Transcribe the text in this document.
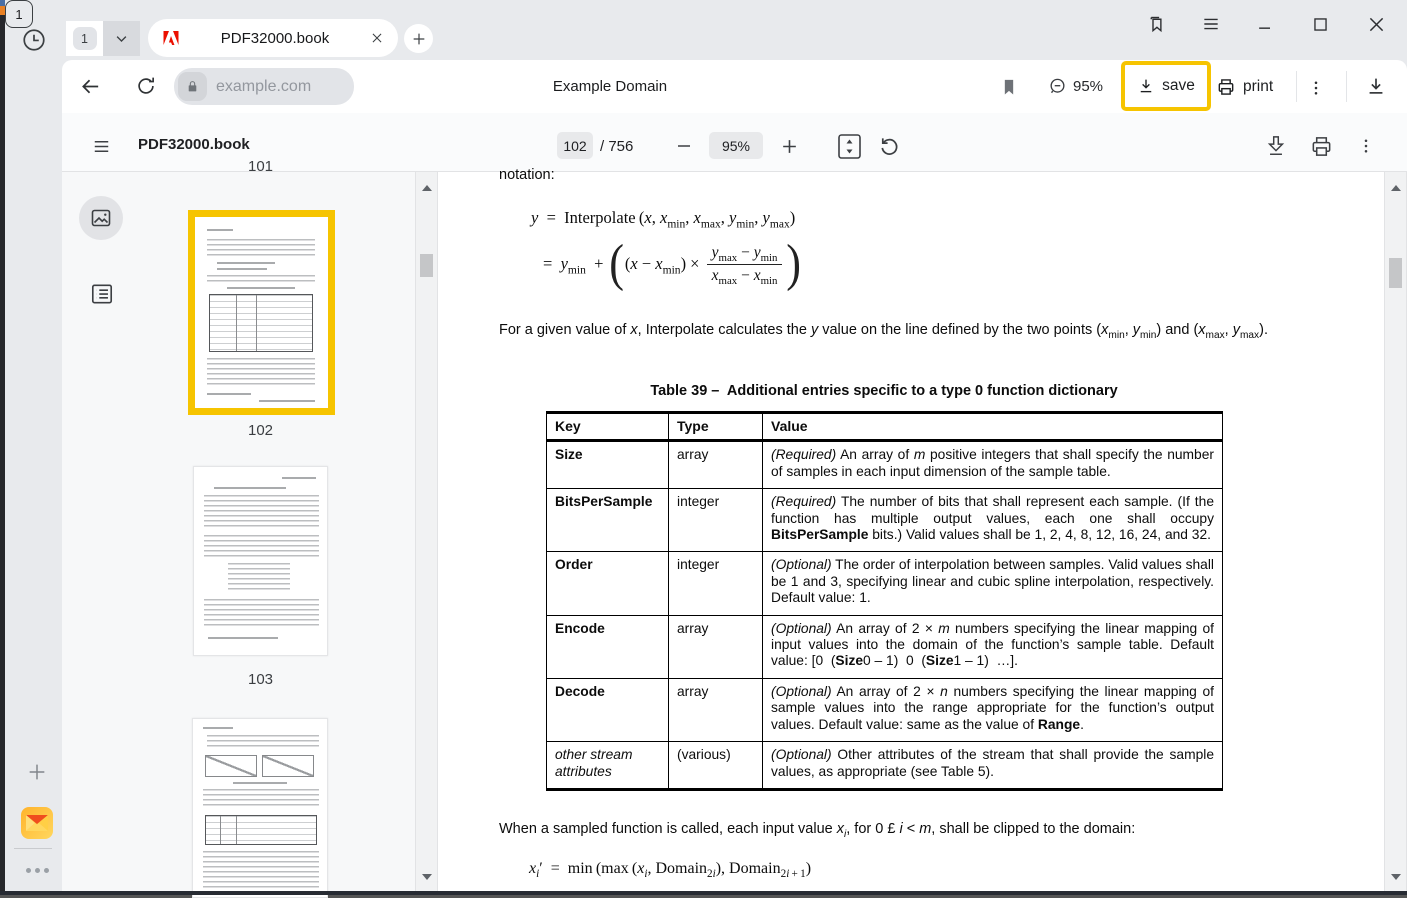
1
1	PDF32000.book
example.com	Example Domain	95%	save	print
PDF32000.book	102 / 756	95%
101
102
103
notation:
y  =  Interpolate (x, $x_{min}$, $x_{max}$, $y_{min}$, $y_{max}$)
=  $y_{min}$  + ( $(x - x_{min}) \times \frac{y_{max} - y_{min}}{x_{max} - x_{min}}$ )
For a given value of x, Interpolate calculates the y value on the line defined by the two points ($x_{min}$, $y_{min}$) and ($x_{max}$, $y_{max}$).
Table 39 –  Additional entries specific to a type 0 function dictionary
Key	Type	Value
Size	array	(Required) An array of m positive integers that shall specify the number of samples in each input dimension of the sample table.
BitsPerSample	integer	(Required) The number of bits that shall represent each sample. (If the function has multiple output values, each one shall occupy BitsPerSample bits.) Valid values shall be 1, 2, 4, 8, 12, 16, 24, and 32.
Order	integer	(Optional) The order of interpolation between samples. Valid values shall be 1 and 3, specifying linear and cubic spline interpolation, respectively. Default value: 1.
Encode	array	(Optional) An array of 2 × m numbers specifying the linear mapping of input values into the domain of the function’s sample table. Default value: [0  (Size0 – 1)  0  (Size1 – 1)  …].
Decode	array	(Optional) An array of 2 × n numbers specifying the linear mapping of sample values into the range appropriate for the function’s output values. Default value: same as the value of Range.
other stream attributes	(various)	(Optional) Other attributes of the stream that shall provide the sample values, as appropriate (see Table 5).
When a sampled function is called, each input value $x_i$, for 0 £ i < m, shall be clipped to the domain:
$x_i' = \min (\max$ ($x_i$, Domain$_{2i}$), Domain$_{2i + 1}$)
